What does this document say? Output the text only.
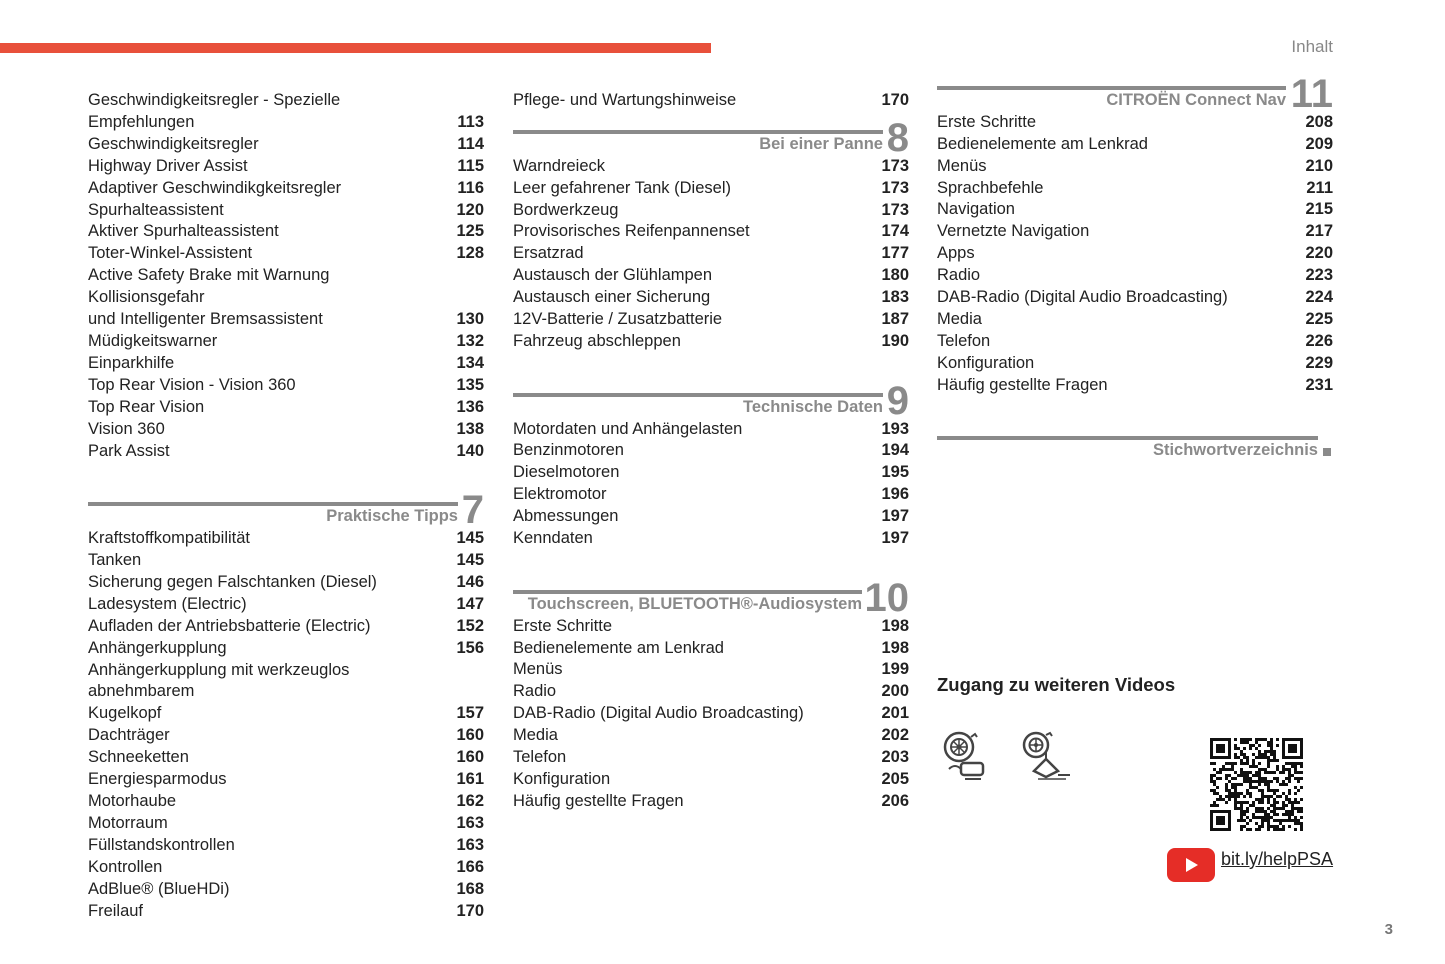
Inhalt
Geschwindigkeitsregler - Spezielle
Empfehlungen	113
Geschwindigkeitsregler	114
Highway Driver Assist	115
Adaptiver Geschwindikgkeitsregler	116
Spurhalteassistent	120
Aktiver Spurhalteassistent	125
Toter-Winkel-Assistent	128
Active Safety Brake mit Warnung Kollisionsgefahr
und Intelligenter Bremsassistent	130
Müdigkeitswarner	132
Einparkhilfe	134
Top Rear Vision - Vision 360	135
Top Rear Vision	136
Vision 360	138
Park Assist	140
Praktische Tipps 7
Kraftstoffkompatibilität	145
Tanken	145
Sicherung gegen Falschtanken (Diesel)	146
Ladesystem (Electric)	147
Aufladen der Antriebsbatterie (Electric)	152
Anhängerkupplung	156
Anhängerkupplung mit werkzeuglos abnehmbarem
Kugelkopf	157
Dachträger	160
Schneeketten	160
Energiesparmodus	161
Motorhaube	162
Motorraum	163
Füllstandskontrollen	163
Kontrollen	166
AdBlue® (BlueHDi)	168
Freilauf	170
Pflege- und Wartungshinweise	170
Bei einer Panne 8
Warndreieck	173
Leer gefahrener Tank (Diesel)	173
Bordwerkzeug	173
Provisorisches Reifenpannenset	174
Ersatzrad	177
Austausch der Glühlampen	180
Austausch einer Sicherung	183
12V-Batterie / Zusatzbatterie	187
Fahrzeug abschleppen	190
Technische Daten 9
Motordaten und Anhängelasten	193
Benzinmotoren	194
Dieselmotoren	195
Elektromotor	196
Abmessungen	197
Kenndaten	197
Touchscreen, BLUETOOTH®-Audiosystem 10
Erste Schritte	198
Bedienelemente am Lenkrad	198
Menüs	199
Radio	200
DAB-Radio (Digital Audio Broadcasting)	201
Media	202
Telefon	203
Konfiguration	205
Häufig gestellte Fragen	206
CITROËN Connect Nav 11
Erste Schritte	208
Bedienelemente am Lenkrad	209
Menüs	210
Sprachbefehle	211
Navigation	215
Vernetzte Navigation	217
Apps	220
Radio	223
DAB-Radio (Digital Audio Broadcasting)	224
Media	225
Telefon	226
Konfiguration	229
Häufig gestellte Fragen	231
Stichwortverzeichnis
Zugang zu weiteren Videos
bit.ly/helpPSA
3
